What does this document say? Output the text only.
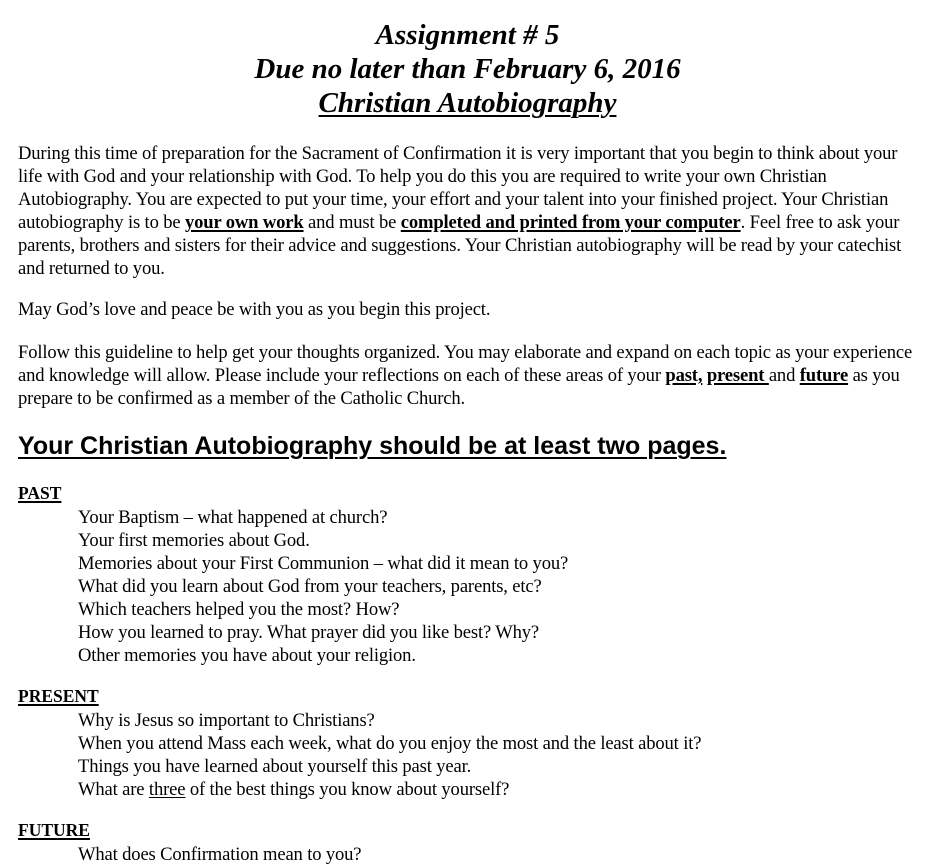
Assignment # 5
Due no later than February 6, 2016
Christian Autobiography
During this time of preparation for the Sacrament of Confirmation it is very important that you begin to think about your life with God and your relationship with God. To help you do this you are required to write your own Christian Autobiography. You are expected to put your time, your effort and your talent into your finished project. Your Christian autobiography is to be your own work and must be completed and printed from your computer. Feel free to ask your parents, brothers and sisters for their advice and suggestions. Your Christian autobiography will be read by your catechist and returned to you.
May God’s love and peace be with you as you begin this project.
Follow this guideline to help get your thoughts organized. You may elaborate and expand on each topic as your experience and knowledge will allow. Please include your reflections on each of these areas of your past, present and future as you prepare to be confirmed as a member of the Catholic Church.
Your Christian Autobiography should be at least two pages.
PAST
Your Baptism – what happened at church?
Your first memories about God.
Memories about your First Communion – what did it mean to you?
What did you learn about God from your teachers, parents, etc?
Which teachers helped you the most? How?
How you learned to pray. What prayer did you like best? Why?
Other memories you have about your religion.
PRESENT
Why is Jesus so important to Christians?
When you attend Mass each week, what do you enjoy the most and the least about it?
Things you have learned about yourself this past year.
What are three of the best things you know about yourself?
FUTURE
What does Confirmation mean to you?
